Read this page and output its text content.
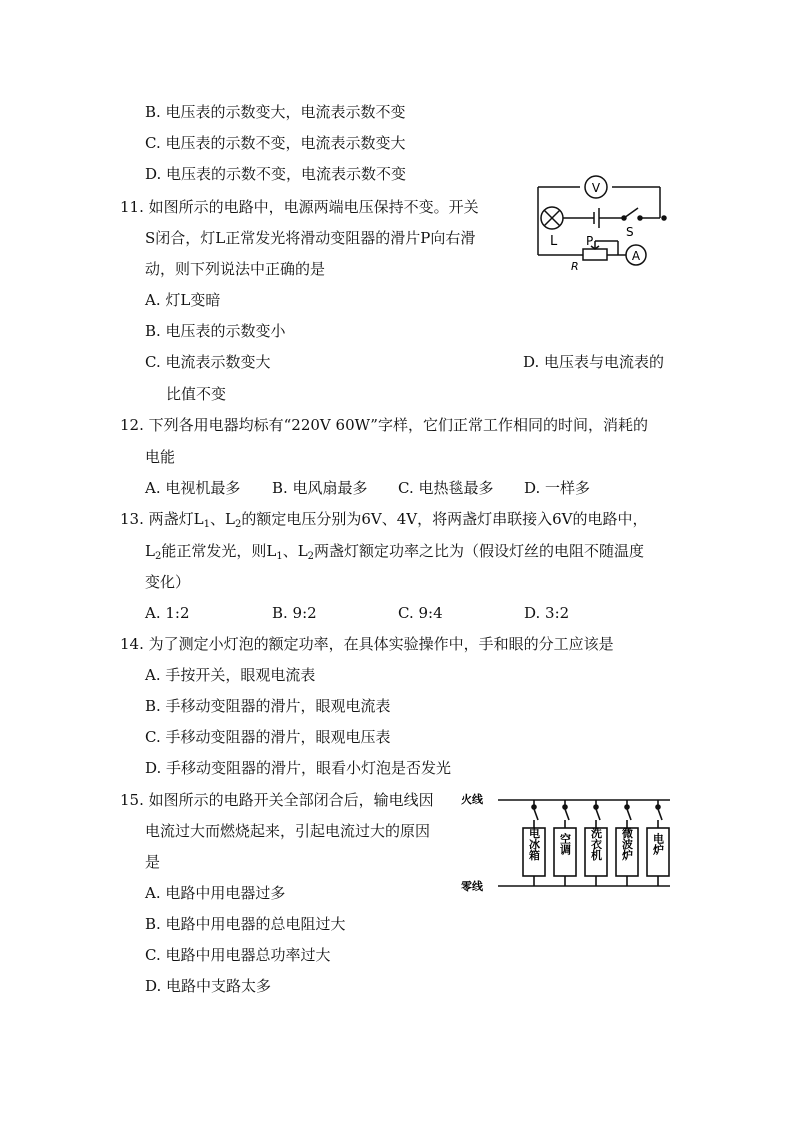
B. 电压表的示数变大，电流表示数不变
C. 电压表的示数不变，电流表示数变大
D. 电压表的示数不变，电流表示数不变
11. 如图所示的电路中，电源两端电压保持不变。开关
S闭合，灯L正常发光将滑动变阻器的滑片P向右滑
动，则下列说法中正确的是
A. 灯L变暗
B. 电压表的示数变小
C. 电流表示数变大	D. 电压表与电流表的
比值不变
V
A
L P
R
S
12. 下列各用电器均标有“220V 60W”字样，它们正常工作相同的时间，消耗的
电能
A. 电视机最多 B. 电风扇最多 C. 电热毯最多 D. 一样多
13. 两盏灯$L_1$、$L_2$的额定电压分别为6V、4V，将两盏灯串联接入6V的电路中，
$L_2$能正常发光，则$L_1$、$L_2$两盏灯额定功率之比为（假设灯丝的电阻不随温度
变化）
A. 1:2	B. 9:2	C. 9:4	D. 3:2
14. 为了测定小灯泡的额定功率，在具体实验操作中，手和眼的分工应该是
A. 手按开关，眼观电流表
B. 手移动变阻器的滑片，眼观电流表
C. 手移动变阻器的滑片，眼观电压表
D. 手移动变阻器的滑片，眼看小灯泡是否发光
15. 如图所示的电路开关全部闭合后，输电线因
电流过大而燃烧起来，引起电流过大的原因
是
A. 电路中用电器过多
B. 电路中用电器的总电阻过大
C. 电路中用电器总功率过大
D. 电路中支路太多
火线
零线
电冰箱 空调 洗衣机 微波炉 电炉
